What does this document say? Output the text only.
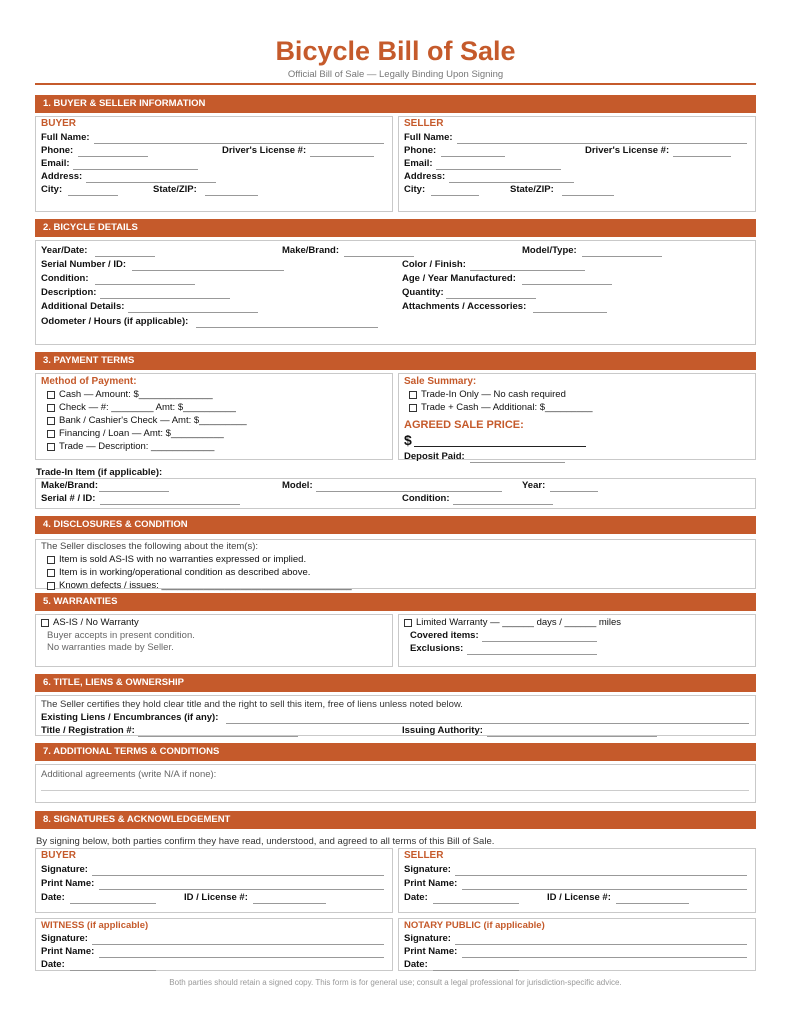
Bicycle Bill of Sale
Official Bill of Sale — Legally Binding Upon Signing
1. BUYER & SELLER INFORMATION
BUYER
Full Name:
Phone:	Driver's License #:
Email:
Address:
City:	State/ZIP:
SELLER
Full Name:
Phone:	Driver's License #:
Email:
Address:
City:	State/ZIP:
2. BICYCLE DETAILS
Year/Date:	Make/Brand:	Model/Type:
Serial Number / ID:	Color / Finish:
Condition:	Age / Year Manufactured:
Description:	Quantity:
Additional Details:	Attachments / Accessories:
Odometer / Hours (if applicable):
3. PAYMENT TERMS
Method of Payment:
Cash — Amount: $______________
Check — #: ________ Amt: $__________
Bank / Cashier's Check — Amt: $_________
Financing / Loan — Amt: $__________
Trade — Description: ____________
Sale Summary:
Trade-In Only — No cash required
Trade + Cash — Additional: $_________
AGREED SALE PRICE:
$
Deposit Paid:
Trade-In Item (if applicable):
Make/Brand:	Model:	Year:
Serial # / ID:	Condition:
4. DISCLOSURES & CONDITION
The Seller discloses the following about the item(s):
Item is sold AS-IS with no warranties expressed or implied.
Item is in working/operational condition as described above.
Known defects / issues: ____________________________________
5. WARRANTIES
AS-IS / No Warranty
Buyer accepts in present condition.
No warranties made by Seller.
Limited Warranty — ______ days / ______ miles
Covered items:
Exclusions:
6. TITLE, LIENS & OWNERSHIP
The Seller certifies they hold clear title and the right to sell this item, free of liens unless noted below.
Existing Liens / Encumbrances (if any):
Title / Registration #:	Issuing Authority:
7. ADDITIONAL TERMS & CONDITIONS
Additional agreements (write N/A if none):
8. SIGNATURES & ACKNOWLEDGEMENT
By signing below, both parties confirm they have read, understood, and agreed to all terms of this Bill of Sale.
BUYER
Signature:
Print Name:
Date:	ID / License #:
SELLER
Signature:
Print Name:
Date:	ID / License #:
WITNESS (if applicable)
Signature:
Print Name:
Date:
NOTARY PUBLIC (if applicable)
Signature:
Print Name:
Date:
Both parties should retain a signed copy. This form is for general use; consult a legal professional for jurisdiction-specific advice.
